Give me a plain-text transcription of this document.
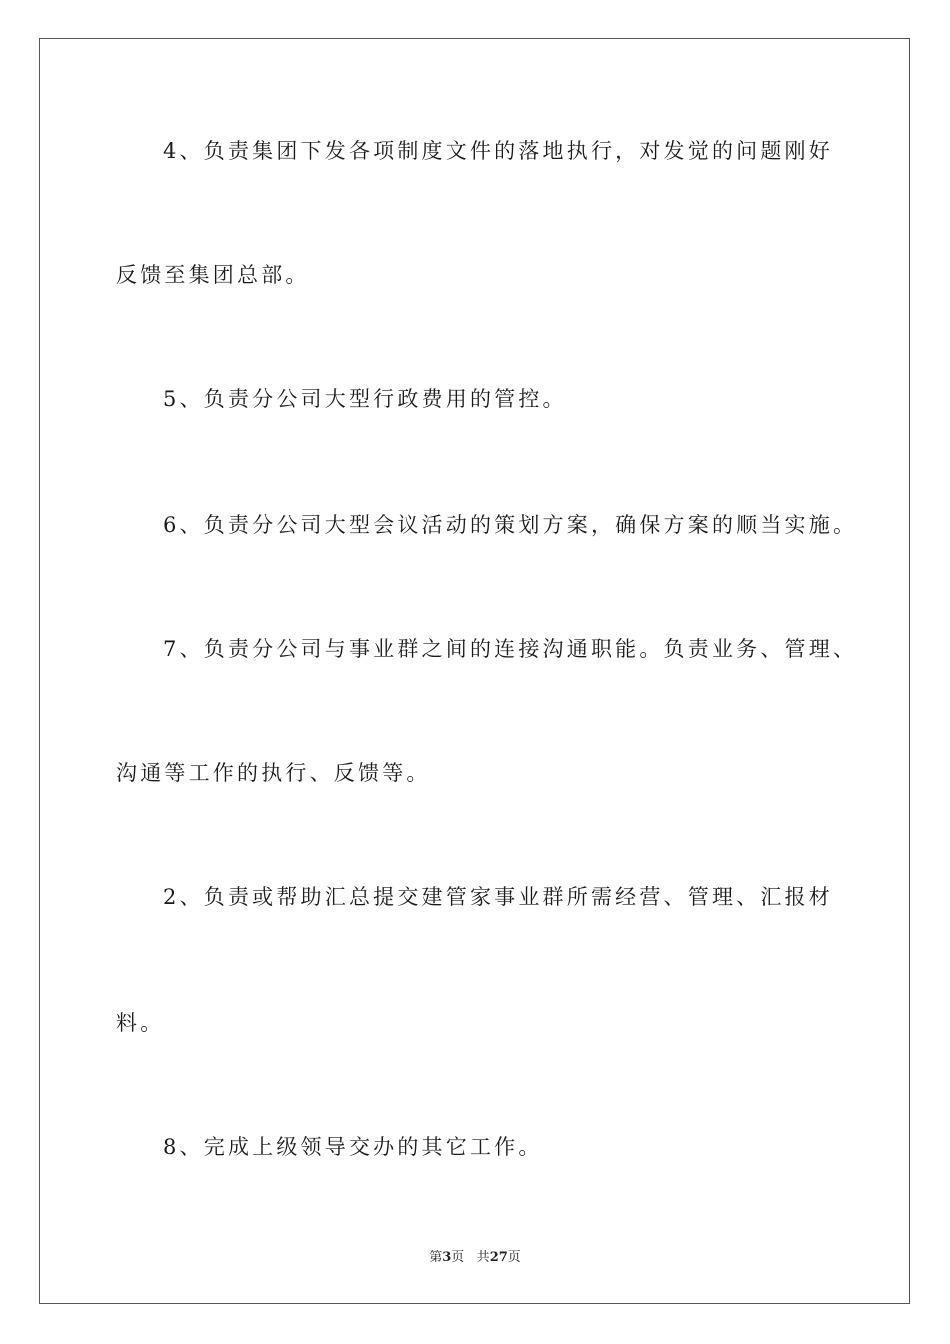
4、负责集团下发各项制度文件的落地执行，对发觉的问题刚好
反馈至集团总部。
5、负责分公司大型行政费用的管控。
6、负责分公司大型会议活动的策划方案，确保方案的顺当实施。
7、负责分公司与事业群之间的连接沟通职能。负责业务、管理、
沟通等工作的执行、反馈等。
2、负责或帮助汇总提交建管家事业群所需经营、管理、汇报材
料。
8、完成上级领导交办的其它工作。
第3页 共27页
